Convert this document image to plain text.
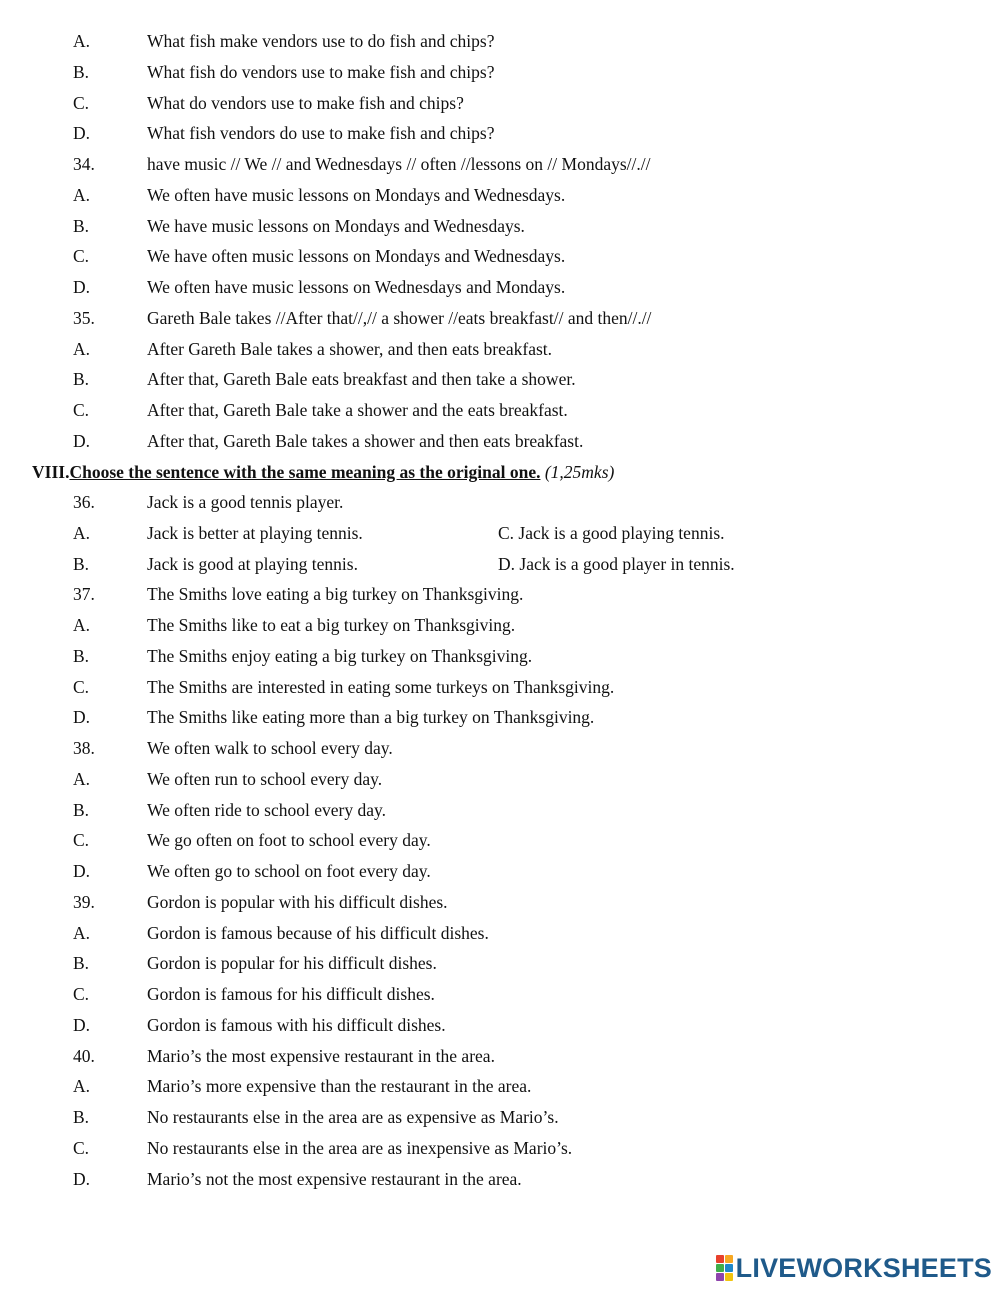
A.	What fish make vendors use to do fish and chips?
B.	What fish do vendors use to make fish and chips?
C.	What do vendors use to make fish and chips?
D.	What fish vendors do use to make fish and chips?
34.	have music // We // and Wednesdays // often //lessons on // Mondays//.//
A.	We often have music lessons on Mondays and Wednesdays.
B.	We have music lessons on Mondays and Wednesdays.
C.	We have often music lessons on Mondays and Wednesdays.
D.	We often have music lessons on Wednesdays and Mondays.
35.	Gareth Bale takes //After that//,// a shower //eats breakfast// and then//.//
A.	After Gareth Bale takes a shower, and then eats breakfast.
B.	After that, Gareth Bale eats breakfast and then take a shower.
C.	After that, Gareth Bale take a shower and the eats breakfast.
D.	After that, Gareth Bale takes a shower and then eats breakfast.
36.	Jack is a good tennis player.
A.	Jack is better at playing tennis.	C. Jack is a good playing tennis.
B.	Jack is good at playing tennis.	D. Jack is a good player in tennis.
37.	The Smiths love eating a big turkey on Thanksgiving.
A.	The Smiths like to eat a big turkey on Thanksgiving.
B.	The Smiths enjoy eating a big turkey on Thanksgiving.
C.	The Smiths are interested in eating some turkeys on Thanksgiving.
D.	The Smiths like eating more than a big turkey on Thanksgiving.
38.	We often walk to school every day.
A.	We often run to school every day.
B.	We often ride to school every day.
C.	We go often on foot to school every day.
D.	We often go to school on foot every day.
39.	Gordon is popular with his difficult dishes.
A.	Gordon is famous because of his difficult dishes.
B.	Gordon is popular for his difficult dishes.
C.	Gordon is famous for his difficult dishes.
D.	Gordon is famous with his difficult dishes.
40.	Mario’s the most expensive restaurant in the area.
A.	Mario’s more expensive than the restaurant in the area.
B.	No restaurants else in the area are as expensive as Mario’s.
C.	No restaurants else in the area are as inexpensive as Mario’s.
D.	Mario’s not the most expensive restaurant in the area.
VIII.Choose the sentence with the same meaning as the original one. (1,25mks)
LIVEWORKSHEETS
